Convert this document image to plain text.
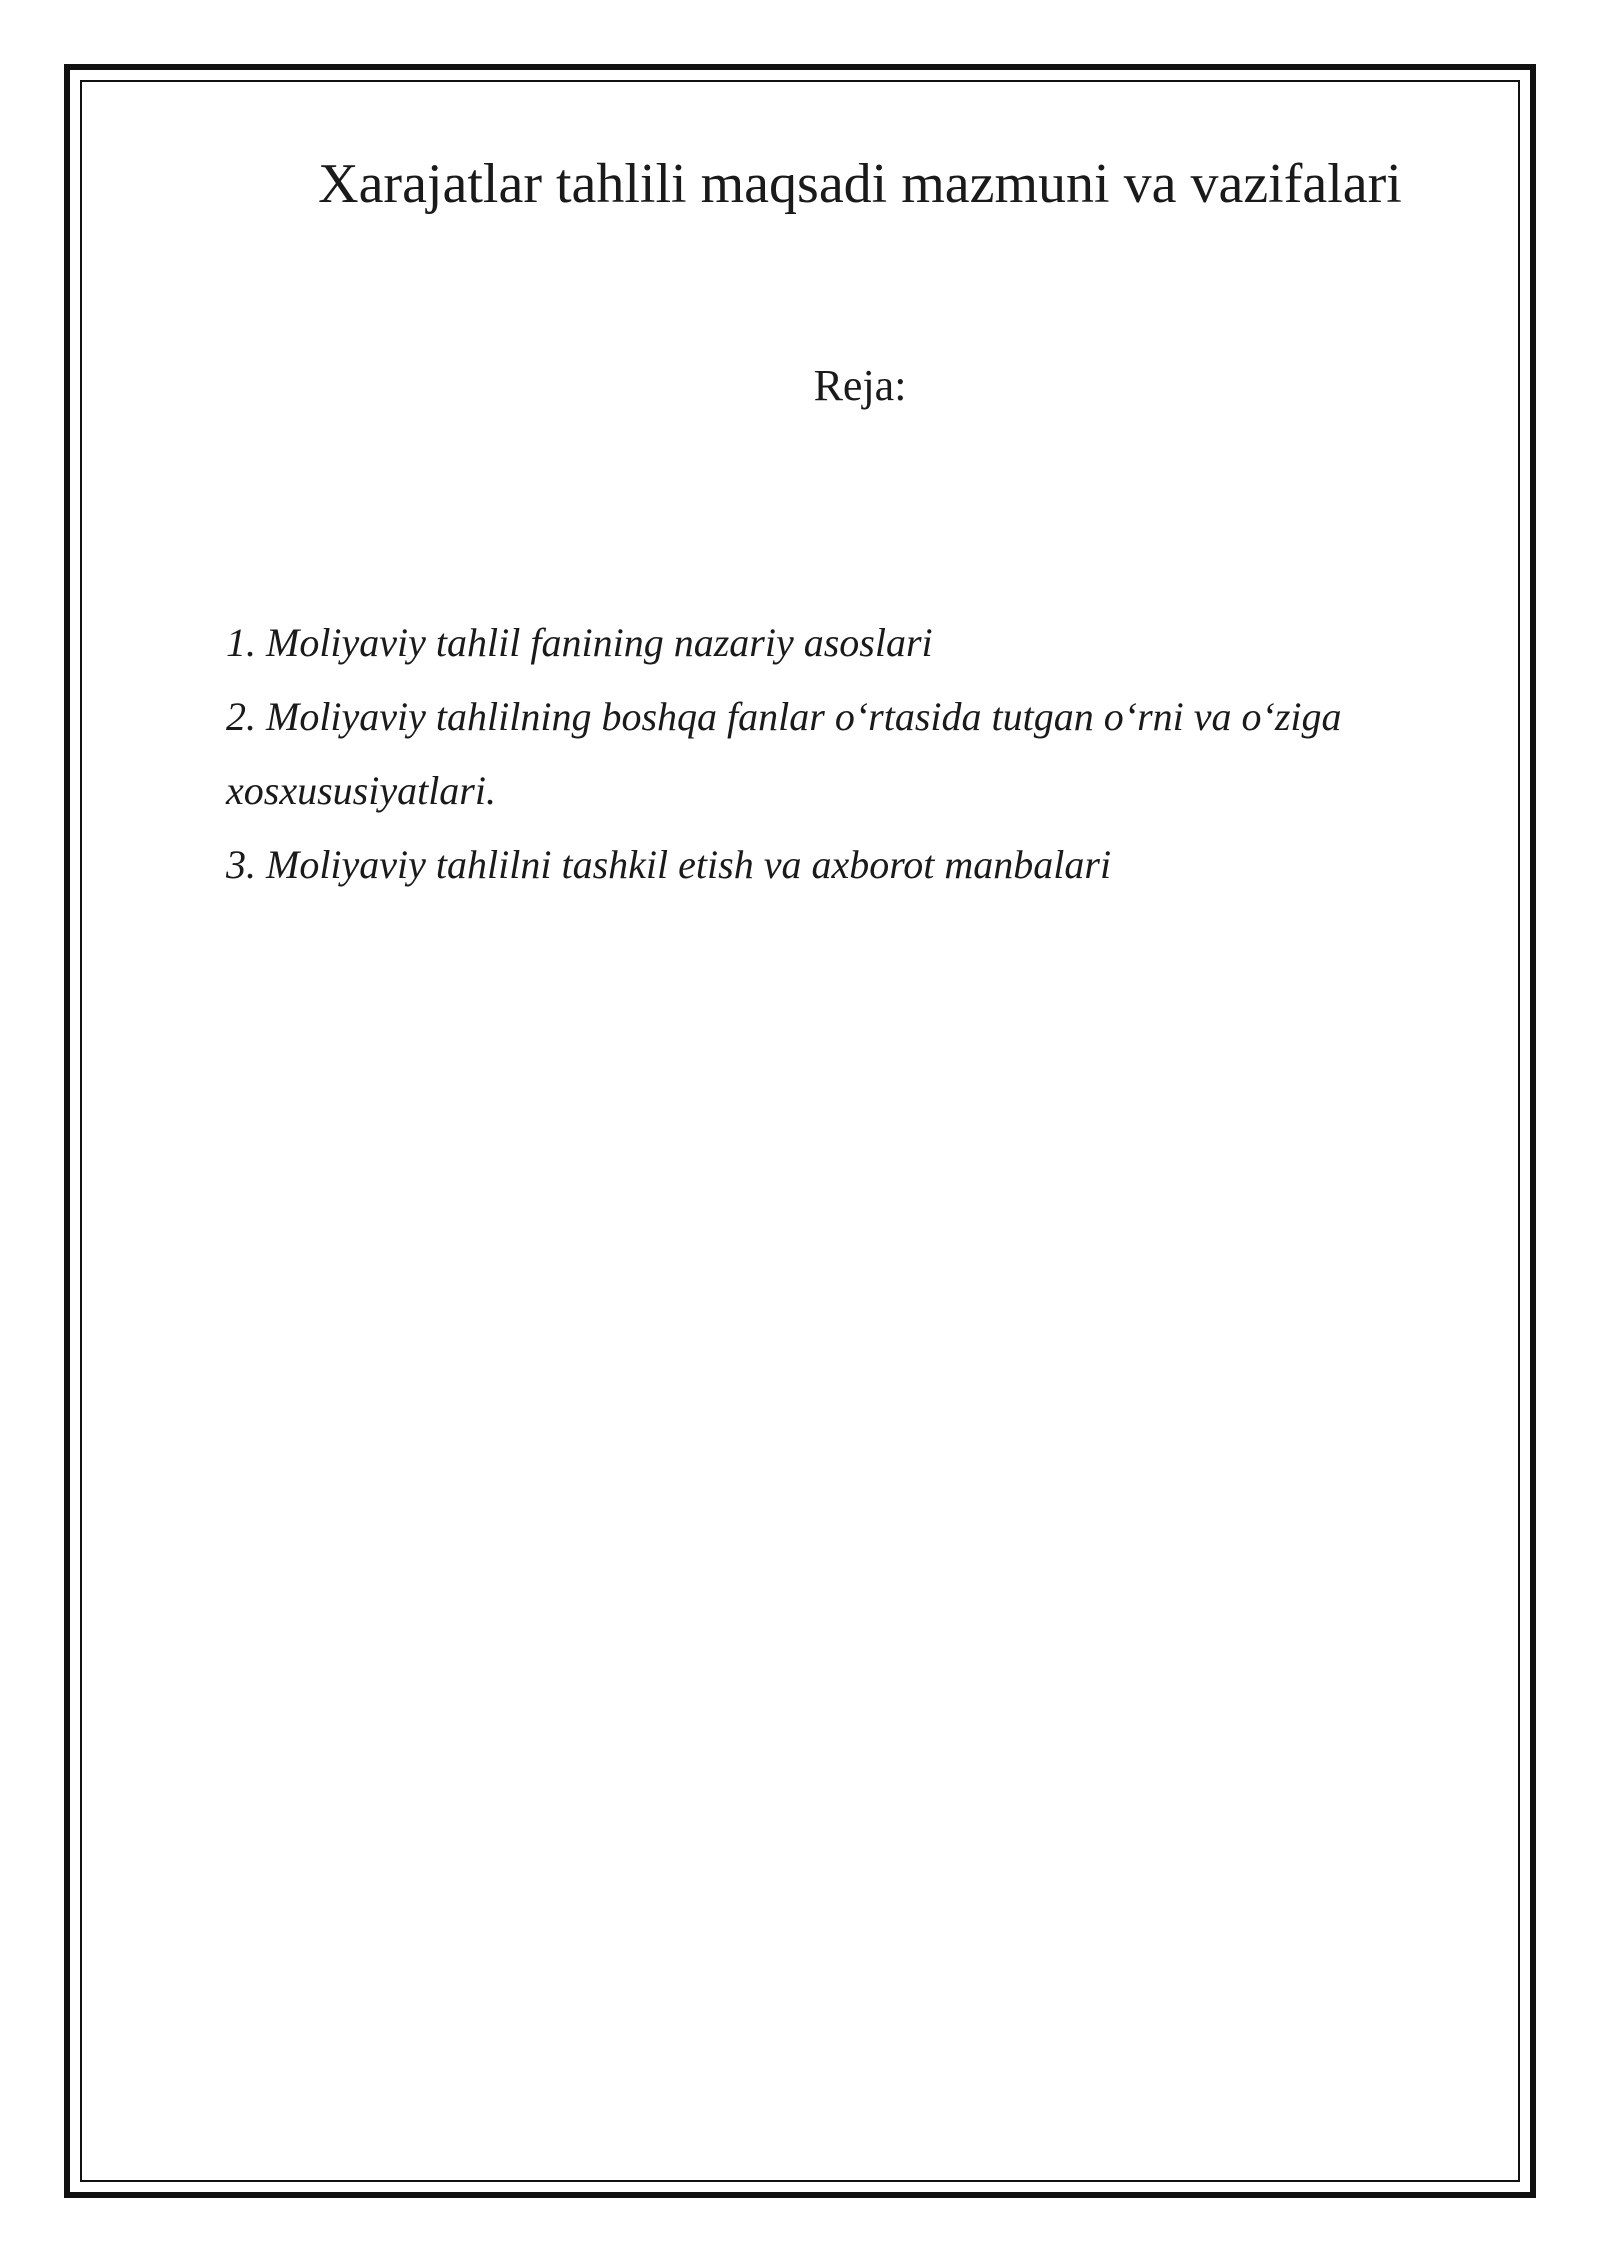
Xarajatlar tahlili maqsadi mazmuni va vazifalari

Reja:

1. Moliyaviy tahlil fanining nazariy asoslari
2. Moliyaviy tahlilning boshqa fanlar o‘rtasida tutgan o‘rni va o‘ziga xosxususiyatlari.
3. Moliyaviy tahlilni tashkil etish va axborot manbalari
